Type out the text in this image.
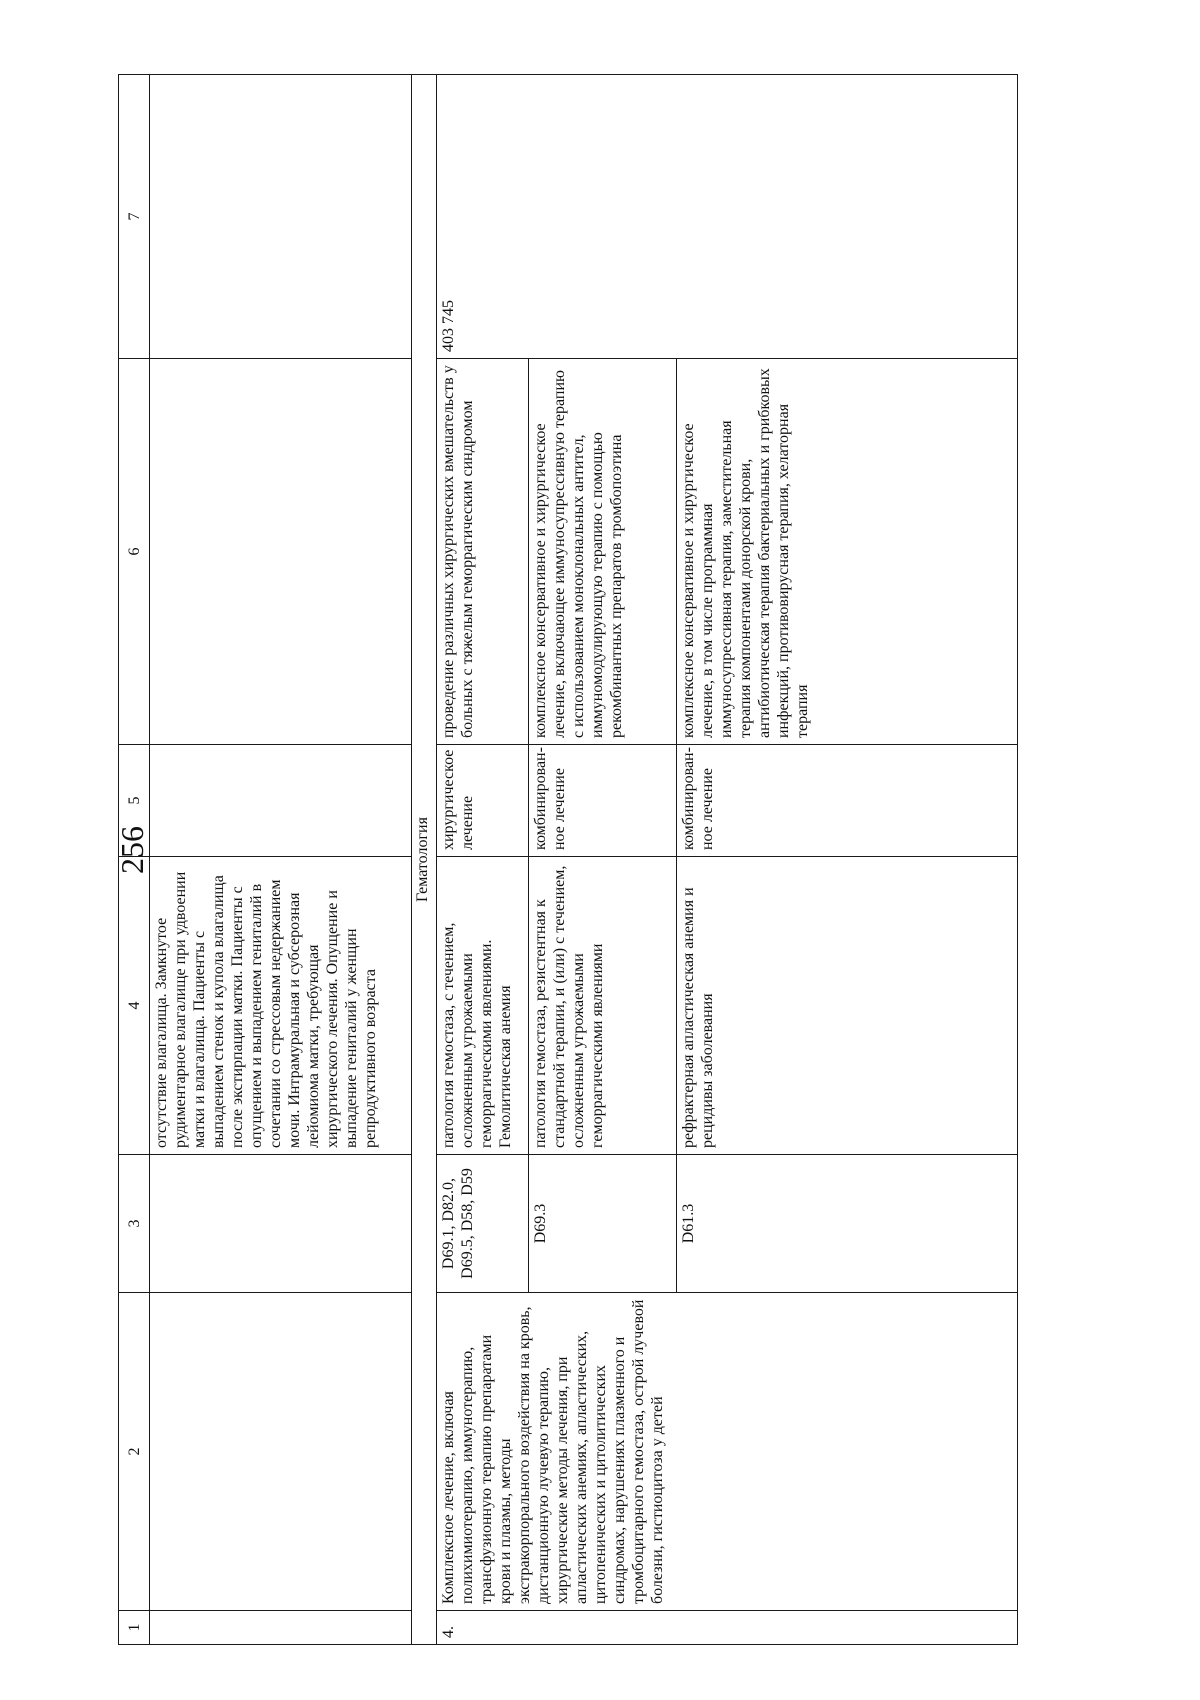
256
1	2	3	4	5	6	7
			отсутствие влагалища. Замкнутое рудиментарное влагалище при удвоении матки и влагалища. Пациенты с выпадением стенок и купола влагалища после экстирпации матки. Пациенты с опущением и выпадением гениталий в сочетании со стрессовым недержанием мочи. Интрамуральная и субсерозная лейомиома матки, требующая хирургического лечения. Опущение и выпадение гениталий у женщин репродуктивного возраста			
Гематология						
4.	Комплексное лечение, включая полихимиотерапию, иммунотерапию, трансфузионную терапию препаратами крови и плазмы, методы экстракорпорального воздействия на кровь, дистанционную лучевую терапию, хирургические методы лечения, при апластических анемиях, апластических, цитопенических и цитолитических синдромах, нарушениях плазменного и тромбоцитарного гемостаза, острой лучевой болезни, гистиоцитоза у детей	D69.1, D82.0, D69.5, D58, D59	патология гемостаза, с течением, осложненным угрожаемыми геморрагическими явлениями. Гемолитическая анемия	хирургическое лечение	проведение различных хирургических вмешательств у больных с тяжелым геморрагическим синдромом	403 745
		D69.3	патология гемостаза, резистентная к стандартной терапии, и (или) с течением, осложненным угрожаемыми геморрагическими явлениями	комбинирован-ное лечение	комплексное консервативное и хирургическое лечение, включающее иммуносупрессивную терапию с использованием моноклональных антител, иммуномодулирующую терапию с помощью рекомбинантных препаратов тромбопоэтина	
		D61.3	рефрактерная апластическая анемия и рецидивы заболевания	комбинирован-ное лечение	комплексное консервативное и хирургическое лечение, в том числе программная иммуносупрессивная терапия, заместительная терапия компонентами донорской крови, антибиотическая терапия бактериальных и грибковых инфекций, противовирусная терапия, хелаторная терапия	
